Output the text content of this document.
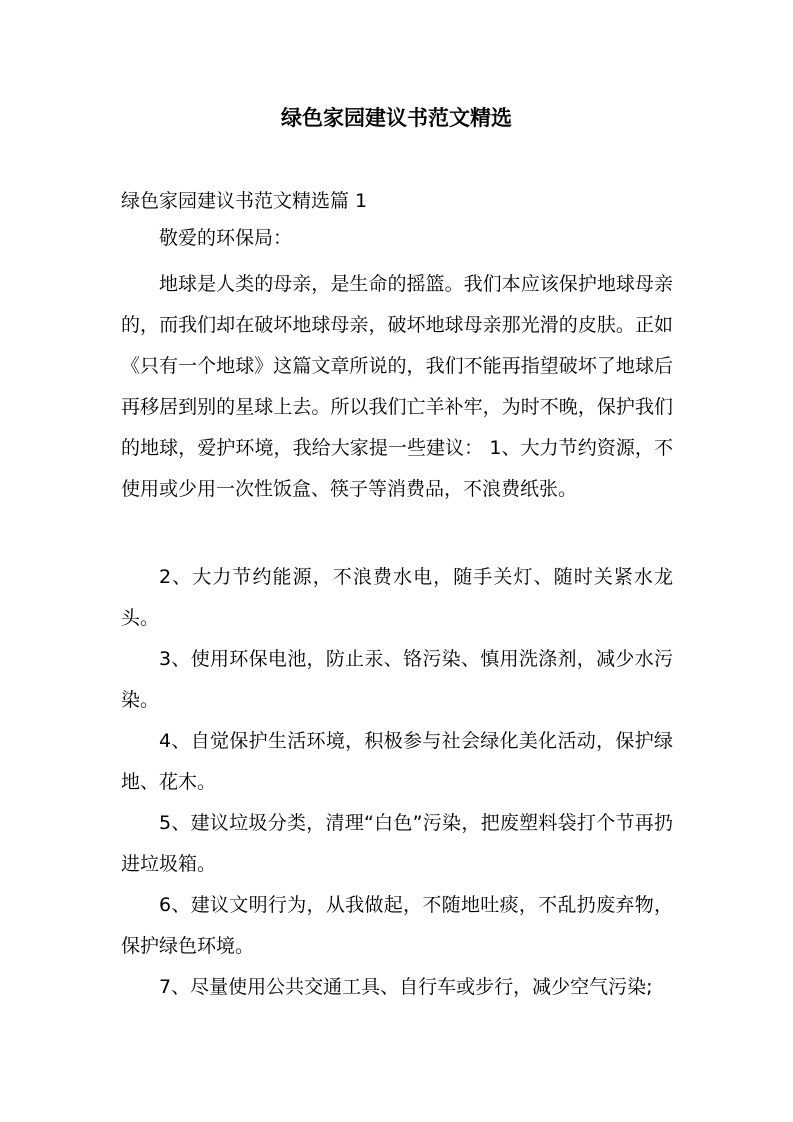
绿色家园建议书范文精选

绿色家园建议书范文精选篇 1

敬爱的环保局：

地球是人类的母亲，是生命的摇篮。我们本应该保护地球母亲的，而我们却在破坏地球母亲，破坏地球母亲那光滑的皮肤。正如《只有一个地球》这篇文章所说的，我们不能再指望破坏了地球后再移居到别的星球上去。所以我们亡羊补牢，为时不晚，保护我们的地球，爱护环境，我给大家提一些建议： 1、大力节约资源，不使用或少用一次性饭盒、筷子等消费品，不浪费纸张。

2、大力节约能源，不浪费水电，随手关灯、随时关紧水龙头。

3、使用环保电池，防止汞、铬污染、慎用洗涤剂，减少水污染。

4、自觉保护生活环境，积极参与社会绿化美化活动，保护绿地、花木。

5、建议垃圾分类，清理“白色”污染，把废塑料袋打个节再扔进垃圾箱。

6、建议文明行为，从我做起，不随地吐痰，不乱扔废弃物，保护绿色环境。

7、尽量使用公共交通工具、自行车或步行，减少空气污染;
